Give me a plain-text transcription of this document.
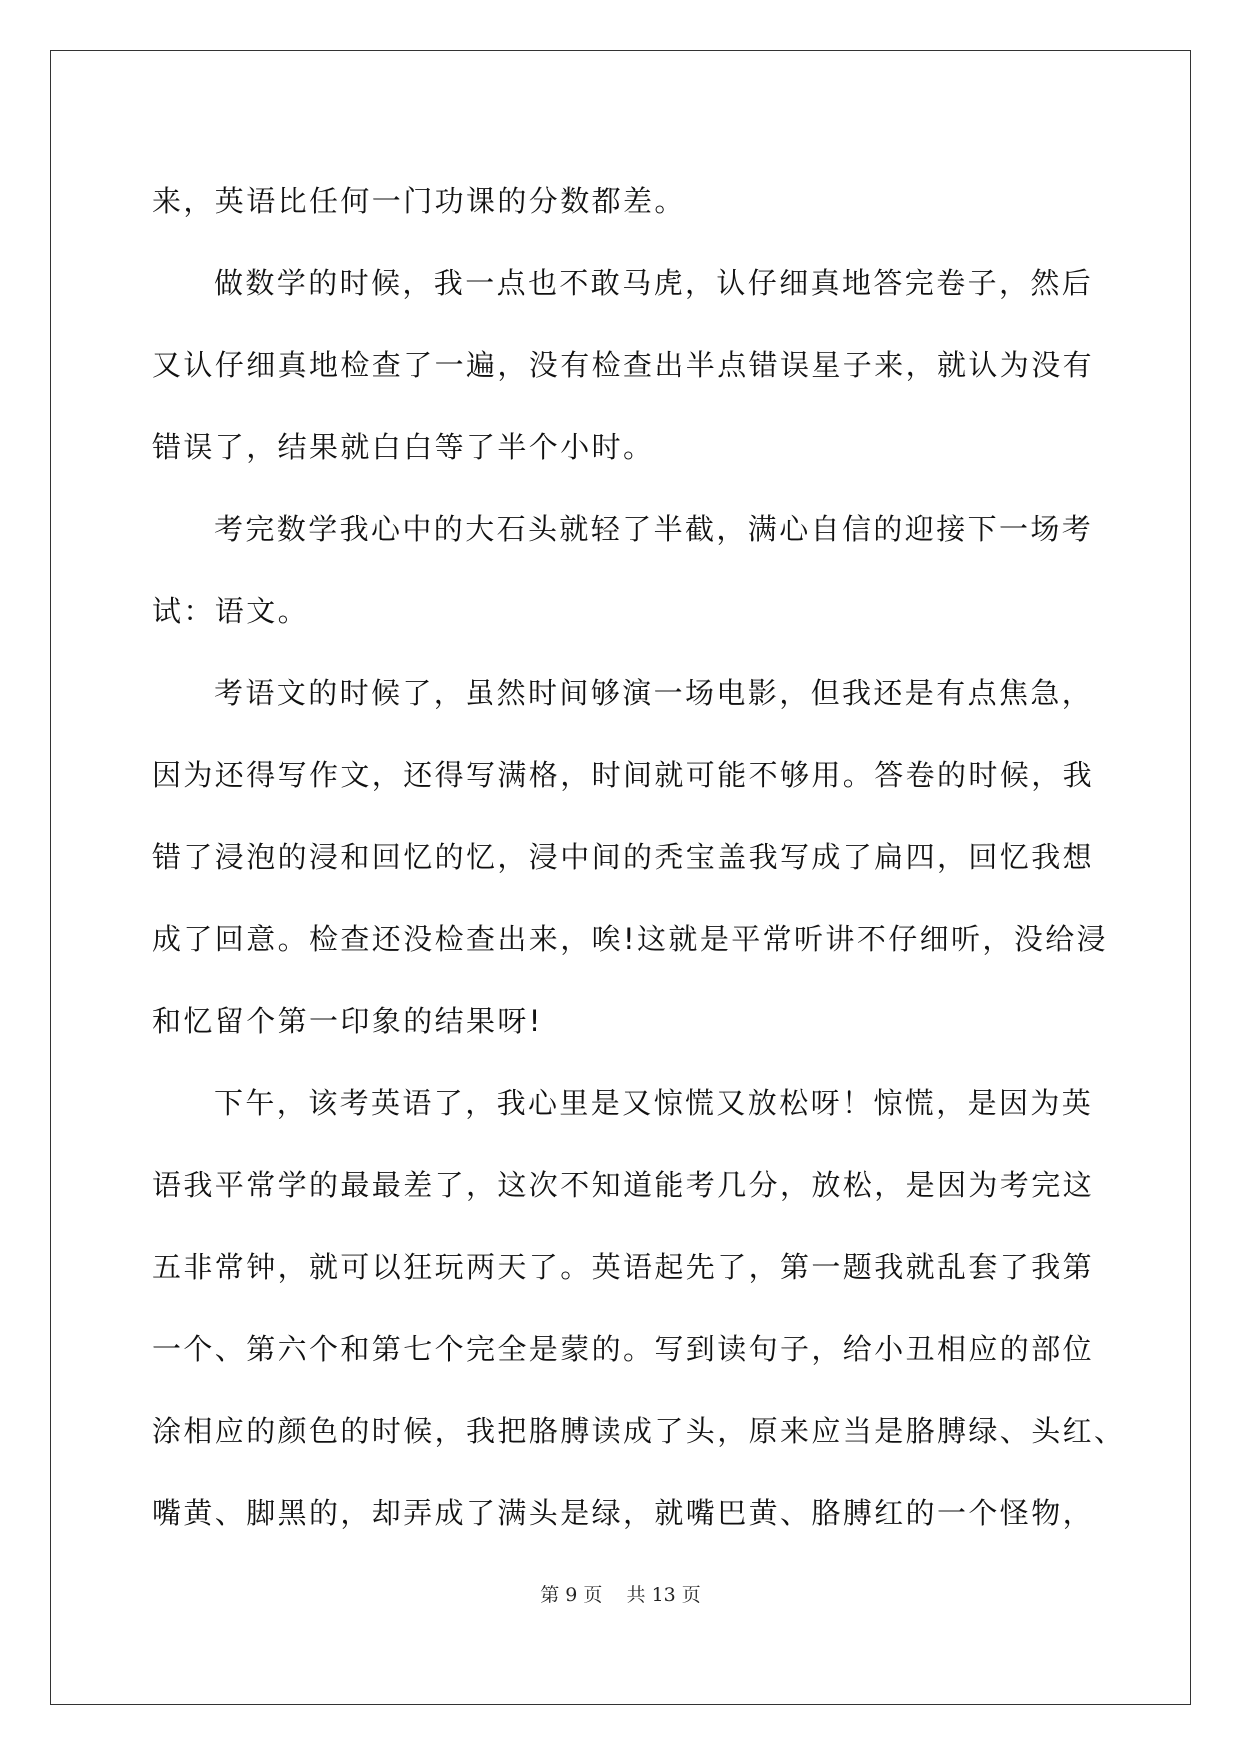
来，英语比任何一门功课的分数都差。
做数学的时候，我一点也不敢马虎，认仔细真地答完卷子，然后
又认仔细真地检查了一遍，没有检查出半点错误星子来，就认为没有
错误了，结果就白白等了半个小时。
考完数学我心中的大石头就轻了半截，满心自信的迎接下一场考
试：语文。
考语文的时候了，虽然时间够演一场电影，但我还是有点焦急，
因为还得写作文，还得写满格，时间就可能不够用。答卷的时候，我
错了浸泡的浸和回忆的忆，浸中间的秃宝盖我写成了扁四，回忆我想
成了回意。检查还没检查出来，唉!这就是平常听讲不仔细听，没给浸
和忆留个第一印象的结果呀!
下午，该考英语了，我心里是又惊慌又放松呀！惊慌，是因为英
语我平常学的最最差了，这次不知道能考几分，放松，是因为考完这
五非常钟，就可以狂玩两天了。英语起先了，第一题我就乱套了我第
一个、第六个和第七个完全是蒙的。写到读句子，给小丑相应的部位
涂相应的颜色的时候，我把胳膊读成了头，原来应当是胳膊绿、头红、
嘴黄、脚黑的，却弄成了满头是绿，就嘴巴黄、胳膊红的一个怪物，
第 9 页    共 13 页
